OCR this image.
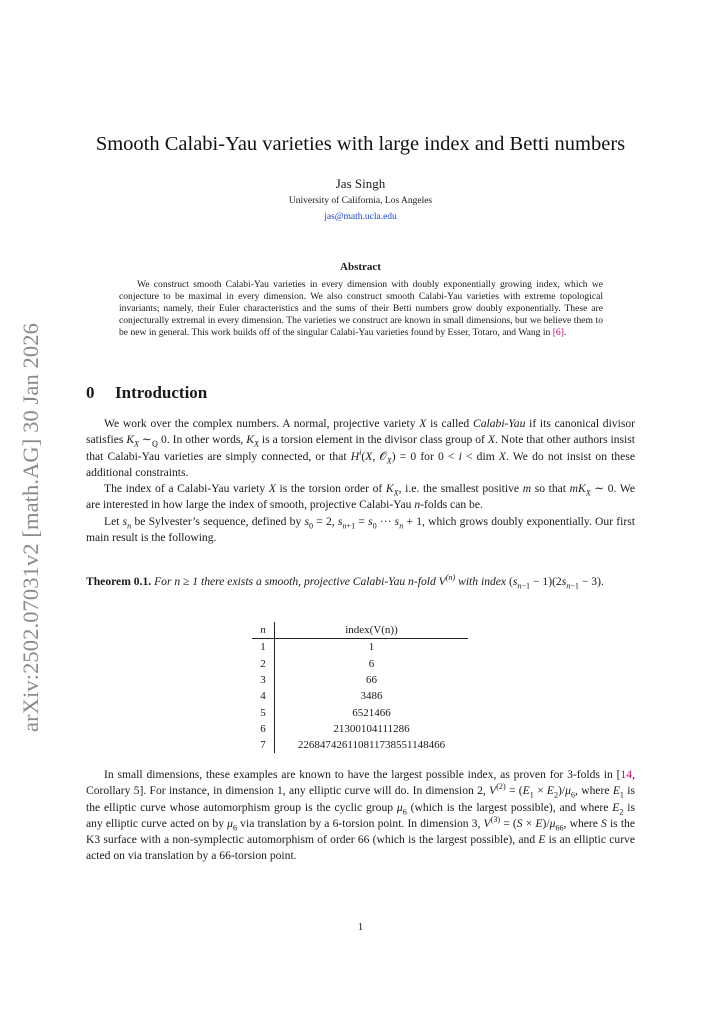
arXiv:2502.07031v2 [math.AG] 30 Jan 2026
Smooth Calabi-Yau varieties with large index and Betti numbers
Jas Singh
University of California, Los Angeles
jas@math.ucla.edu
Abstract
We construct smooth Calabi-Yau varieties in every dimension with doubly exponentially growing index, which we conjecture to be maximal in every dimension. We also construct smooth Calabi-Yau varieties with extreme topological invariants; namely, their Euler characteristics and the sums of their Betti numbers grow doubly exponentially. These are conjecturally extremal in every dimension. The varieties we construct are known in small dimensions, but we believe them to be new in general. This work builds off of the singular Calabi-Yau varieties found by Esser, Totaro, and Wang in [6].
0 Introduction

We work over the complex numbers. A normal, projective variety X is called Calabi-Yau if its canonical divisor satisfies $K_X$ $\sim_ℚ$ 0. In other words, $K_X$ is a torsion element in the divisor class group of X. Note that other authors insist that Calabi-Yau varieties are simply connected, or that $H^i(X$, 𝒪$_X$) = 0 for 0 < i < dim X. We do not insist on these additional constraints.

The index of a Calabi-Yau variety X is the torsion order of $K_X$, i.e. the smallest positive m so that $mK_X$ ∼ 0. We are interested in how large the index of smooth, projective Calabi-Yau n-folds can be.

Let $s_n$ be Sylvester’s sequence, defined by $s_0 = 2$, $s_{n+1} = s_0$ ··· $s_n + 1$, which grows doubly exponentially. Our first main result is the following.

Theorem 0.1. For n ≥ 1 there exists a smooth, projective Calabi-Yau n-fold $V^{(n)}$ with index $(s_{n-1} - 1)(2s_{n-1} - 3)$.

n	index(V(n))
1	1
2	6
3	66
4	3486
5	6521466
6	21300104111286
7	226847426110811738551148466

In small dimensions, these examples are known to have the largest possible index, as proven for 3-folds in [14, Corollary 5]. For instance, in dimension 1, any elliptic curve will do. In dimension 2, $V^{(2)} = (E_1 \times E_2)/\mu_6$, where $E_1$ is the elliptic curve whose automorphism group is the cyclic group $\mu_6$ (which is the largest possible), and where $E_2$ is any elliptic curve acted on by $\mu_6$ via translation by a 6-torsion point. In dimension 3, $V^{(3)} = (S \times E)/\mu_{66}$, where S is the K3 surface with a non-symplectic automorphism of order 66 (which is the largest possible), and E is an elliptic curve acted on via translation by a 66-torsion point.

1
